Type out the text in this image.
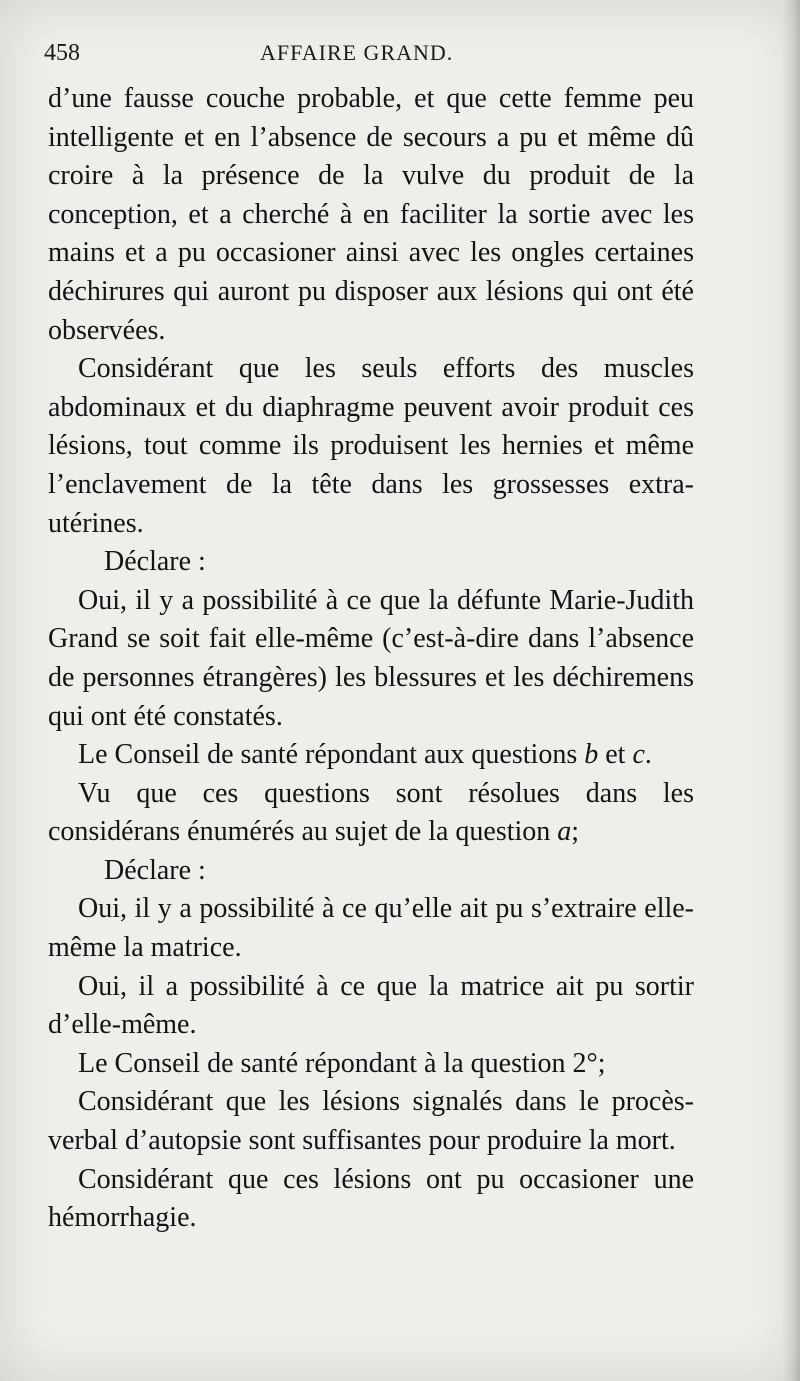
458	AFFAIRE GRAND.

d’une fausse couche probable, et que cette femme peu intelligente et en l’absence de secours a pu et même dû croire à la présence de la vulve du produit de la conception, et a cherché à en faciliter la sortie avec les mains et a pu occasioner ainsi avec les ongles certaines déchirures qui auront pu disposer aux lésions qui ont été observées.

Considérant que les seuls efforts des muscles abdominaux et du diaphragme peuvent avoir produit ces lésions, tout comme ils produisent les hernies et même l’enclavement de la tête dans les grossesses extra-utérines.

Déclare :

Oui, il y a possibilité à ce que la défunte Marie-Judith Grand se soit fait elle-même (c’est-à-dire dans l’absence de personnes étrangères) les blessures et les déchiremens qui ont été constatés.

Le Conseil de santé répondant aux questions b et c.

Vu que ces questions sont résolues dans les considérans énumérés au sujet de la question a;

Déclare :

Oui, il y a possibilité à ce qu’elle ait pu s’extraire elle-même la matrice.

Oui, il a possibilité à ce que la matrice ait pu sortir d’elle-même.

Le Conseil de santé répondant à la question 2°;

Considérant que les lésions signalés dans le procès-verbal d’autopsie sont suffisantes pour produire la mort.

Considérant que ces lésions ont pu occasioner une hémorrhagie.
